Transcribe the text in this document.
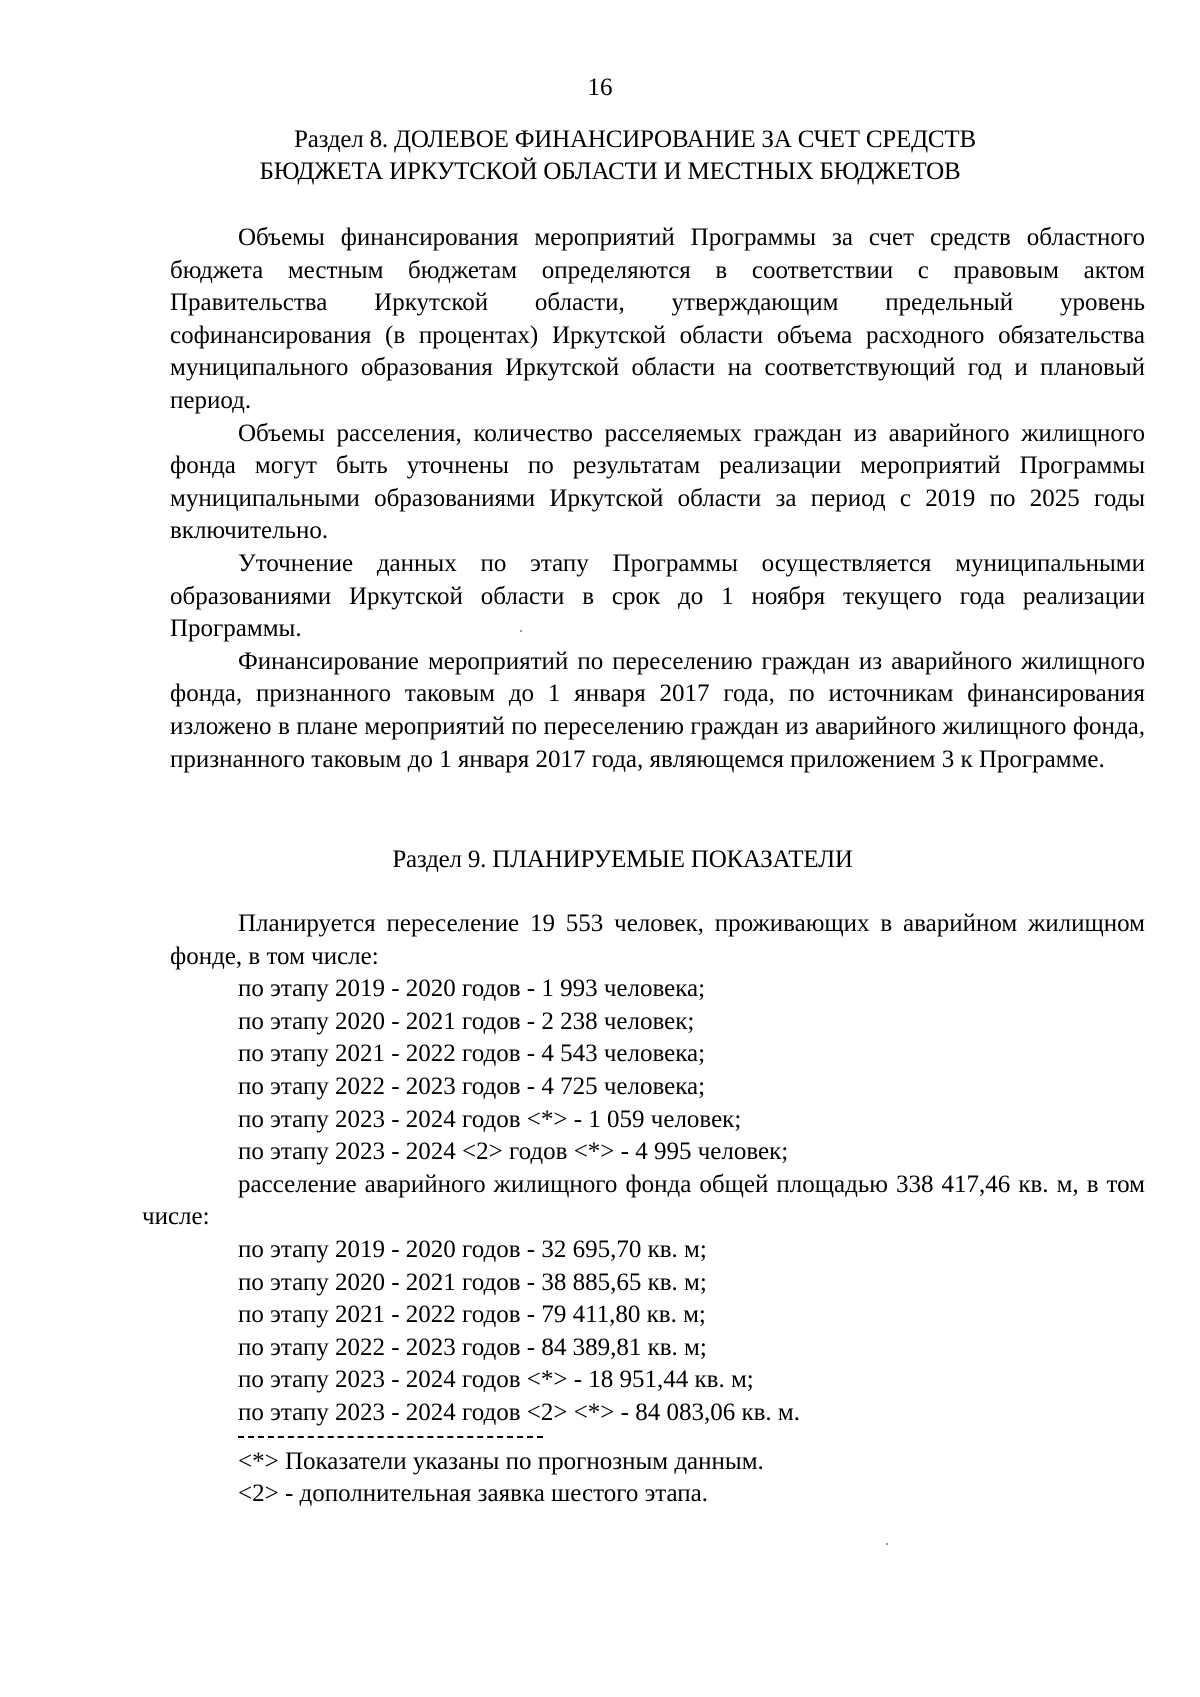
16
Раздел 8. ДОЛЕВОЕ ФИНАНСИРОВАНИЕ ЗА СЧЕТ СРЕДСТВ
БЮДЖЕТА ИРКУТСКОЙ ОБЛАСТИ И МЕСТНЫХ БЮДЖЕТОВ

Объемы финансирования мероприятий Программы за счет средств областного бюджета местным бюджетам определяются в соответствии с правовым актом Правительства Иркутской области, утверждающим предельный уровень софинансирования (в процентах) Иркутской области объема расходного обязательства муниципального образования Иркутской области на соответствующий год и плановый период.

Объемы расселения, количество расселяемых граждан из аварийного жилищного фонда могут быть уточнены по результатам реализации мероприятий Программы муниципальными образованиями Иркутской области за период с 2019 по 2025 годы включительно.

Уточнение данных по этапу Программы осуществляется муниципальными образованиями Иркутской области в срок до 1 ноября текущего года реализации Программы.

Финансирование мероприятий по переселению граждан из аварийного жилищного фонда, признанного таковым до 1 января 2017 года, по источникам финансирования изложено в плане мероприятий по переселению граждан из аварийного жилищного фонда, признанного таковым до 1 января 2017 года, являющемся приложением 3 к Программе.

Раздел 9. ПЛАНИРУЕМЫЕ ПОКАЗАТЕЛИ

Планируется переселение 19 553 человек, проживающих в аварийном жилищном фонде, в том числе:

по этапу 2019 - 2020 годов - 1 993 человека;

по этапу 2020 - 2021 годов - 2 238 человек;

по этапу 2021 - 2022 годов - 4 543 человека;

по этапу 2022 - 2023 годов - 4 725 человека;

по этапу 2023 - 2024 годов <*> - 1 059 человек;

по этапу 2023 - 2024 <2> годов <*> - 4 995 человек;

расселение аварийного жилищного фонда общей площадью 338 417,46 кв. м, в том числе:

по этапу 2019 - 2020 годов - 32 695,70 кв. м;

по этапу 2020 - 2021 годов - 38 885,65 кв. м;

по этапу 2021 - 2022 годов - 79 411,80 кв. м;

по этапу 2022 - 2023 годов - 84 389,81 кв. м;

по этапу 2023 - 2024 годов <*> - 18 951,44 кв. м;

по этапу 2023 - 2024 годов <2> <*> - 84 083,06 кв. м.

<*> Показатели указаны по прогнозным данным.

<2> - дополнительная заявка шестого этапа.
